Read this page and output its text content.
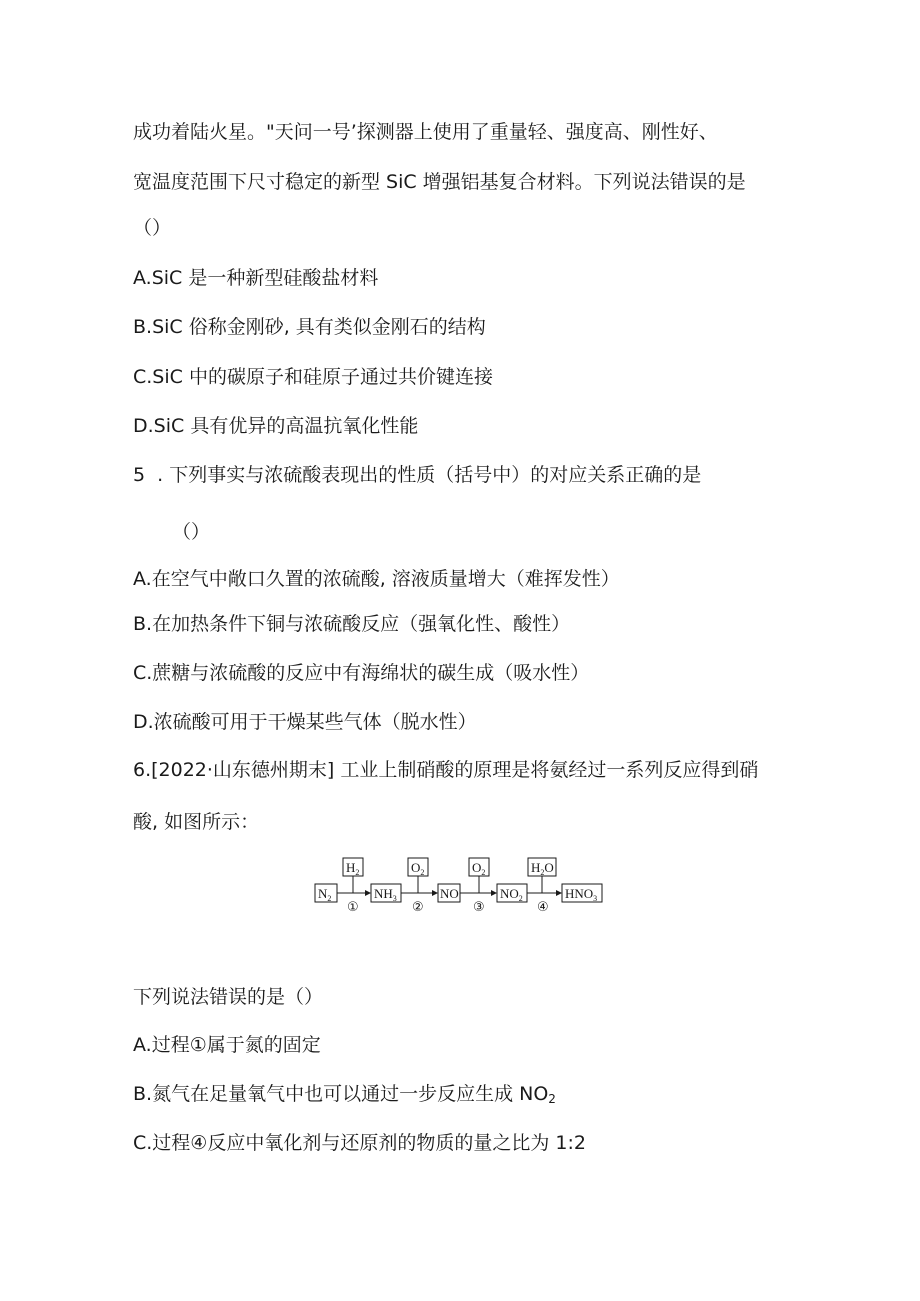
成功着陆火星。"天问一号’探测器上使用了重量轻、强度高、刚性好、
宽温度范围下尺寸稳定的新型 SiC 增强铝基复合材料。下列说法错误的是
（）
A.SiC 是一种新型硅酸盐材料
B.SiC 俗称金刚砂, 具有类似金刚石的结构
C.SiC 中的碳原子和硅原子通过共价键连接
D.SiC 具有优异的高温抗氧化性能
5  . 下列事实与浓硫酸表现出的性质（括号中）的对应关系正确的是
（）
A.在空气中敞口久置的浓硫酸, 溶液质量增大（难挥发性）
B.在加热条件下铜与浓硫酸反应（强氧化性、酸性）
C.蔗糖与浓硫酸的反应中有海绵状的碳生成（吸水性）
D.浓硫酸可用于干燥某些气体（脱水性）
6.[2022·山东德州期末] 工业上制硝酸的原理是将氨经过一系列反应得到硝
酸, 如图所示：
$N_2$	$NH_3$	NO	$NO_2$	$HNO_3$
$H_2$	$O_2$	$O_2$	$H_2O$
①	②	③	④
下列说法错误的是（）
A.过程①属于氮的固定
B.氮气在足量氧气中也可以通过一步反应生成 $NO_2$
C.过程④反应中氧化剂与还原剂的物质的量之比为 1:2
